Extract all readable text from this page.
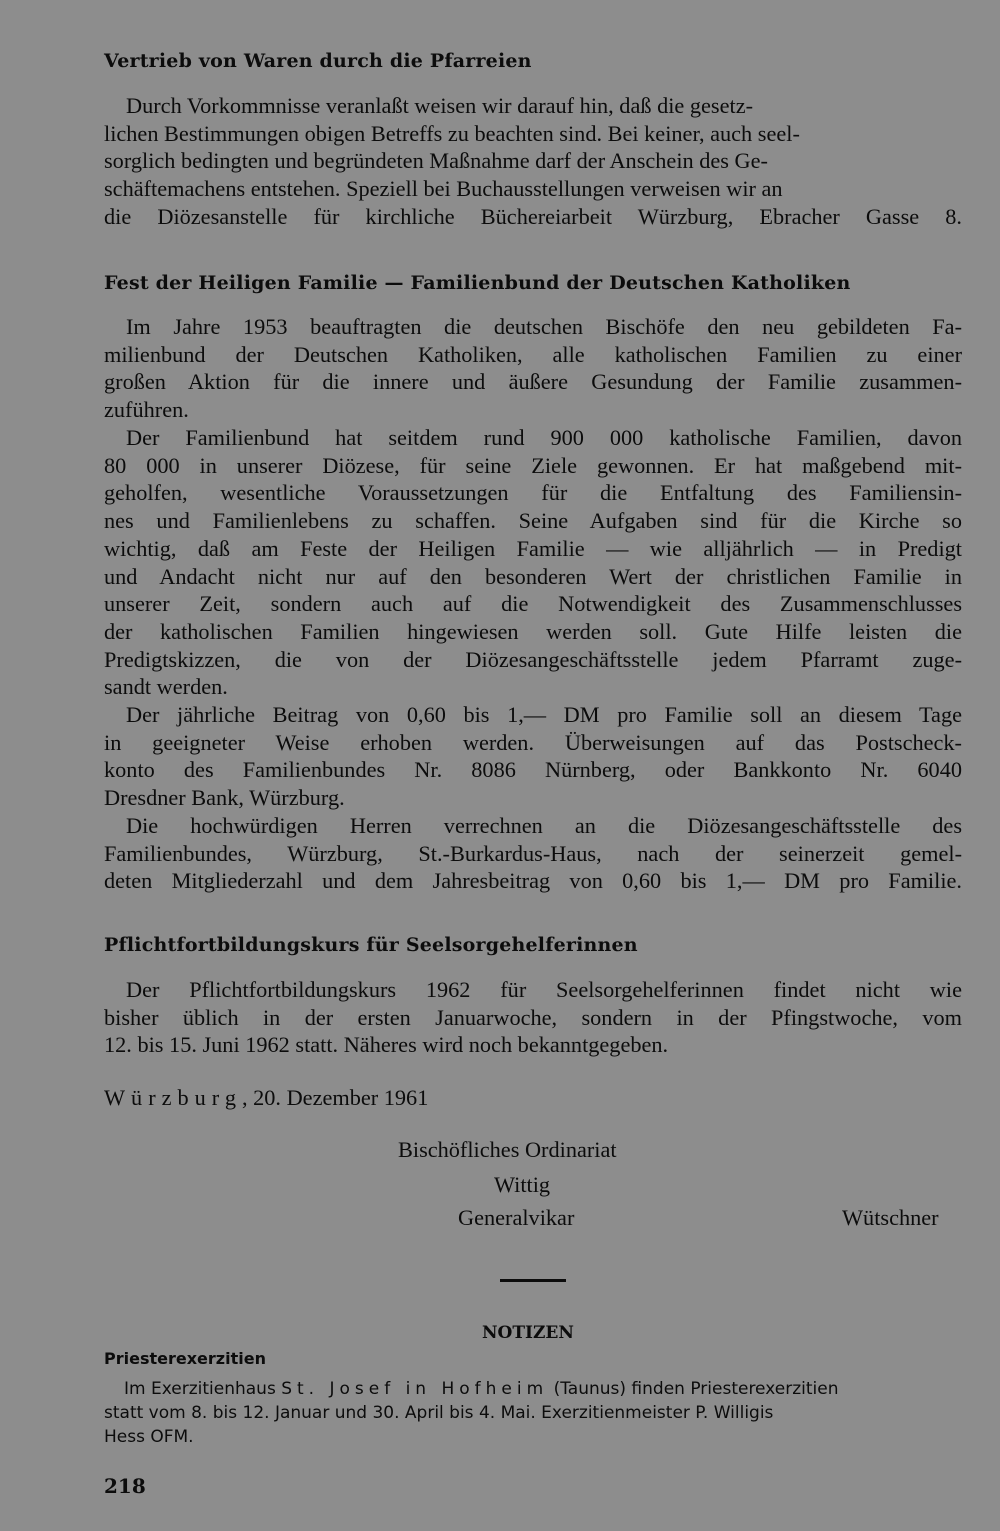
Vertrieb von Waren durch die Pfarreien
Durch Vorkommnisse veranlaßt weisen wir darauf hin, daß die gesetz-
lichen Bestimmungen obigen Betreffs zu beachten sind. Bei keiner, auch seel-
sorglich bedingten und begründeten Maßnahme darf der Anschein des Ge-
schäftemachens entstehen. Speziell bei Buchausstellungen verweisen wir an
die Diözesanstelle für kirchliche Büchereiarbeit Würzburg, Ebracher Gasse 8.
Fest der Heiligen Familie — Familienbund der Deutschen Katholiken
Im Jahre 1953 beauftragten die deutschen Bischöfe den neu gebildeten Fa-
milienbund der Deutschen Katholiken, alle katholischen Familien zu einer
großen Aktion für die innere und äußere Gesundung der Familie zusammen-
zuführen.
Der Familienbund hat seitdem rund 900 000 katholische Familien, davon
80 000 in unserer Diözese, für seine Ziele gewonnen. Er hat maßgebend mit-
geholfen, wesentliche Voraussetzungen für die Entfaltung des Familiensin-
nes und Familienlebens zu schaffen. Seine Aufgaben sind für die Kirche so
wichtig, daß am Feste der Heiligen Familie — wie alljährlich — in Predigt
und Andacht nicht nur auf den besonderen Wert der christlichen Familie in
unserer Zeit, sondern auch auf die Notwendigkeit des Zusammenschlusses
der katholischen Familien hingewiesen werden soll. Gute Hilfe leisten die
Predigtskizzen, die von der Diözesangeschäftsstelle jedem Pfarramt zuge-
sandt werden.
Der jährliche Beitrag von 0,60 bis 1,— DM pro Familie soll an diesem Tage
in geeigneter Weise erhoben werden. Überweisungen auf das Postscheck-
konto des Familienbundes Nr. 8086 Nürnberg, oder Bankkonto Nr. 6040
Dresdner Bank, Würzburg.
Die hochwürdigen Herren verrechnen an die Diözesangeschäftsstelle des
Familienbundes, Würzburg, St.-Burkardus-Haus, nach der seinerzeit gemel-
deten Mitgliederzahl und dem Jahresbeitrag von 0,60 bis 1,— DM pro Familie.
Pflichtfortbildungskurs für Seelsorgehelferinnen
Der Pflichtfortbildungskurs 1962 für Seelsorgehelferinnen findet nicht wie
bisher üblich in der ersten Januarwoche, sondern in der Pfingstwoche, vom
12. bis 15. Juni 1962 statt. Näheres wird noch bekanntgegeben.

Würzburg, 20. Dezember 1961

Bischöfliches Ordinariat

Wittig

Generalvikar	Wütschner

NOTIZEN

Priesterexerzitien

Im Exerzitienhaus St. Josef in Hofheim (Taunus) finden Priesterexerzitien
statt vom 8. bis 12. Januar und 30. April bis 4. Mai. Exerzitienmeister P. Willigis
Hess OFM.

218
